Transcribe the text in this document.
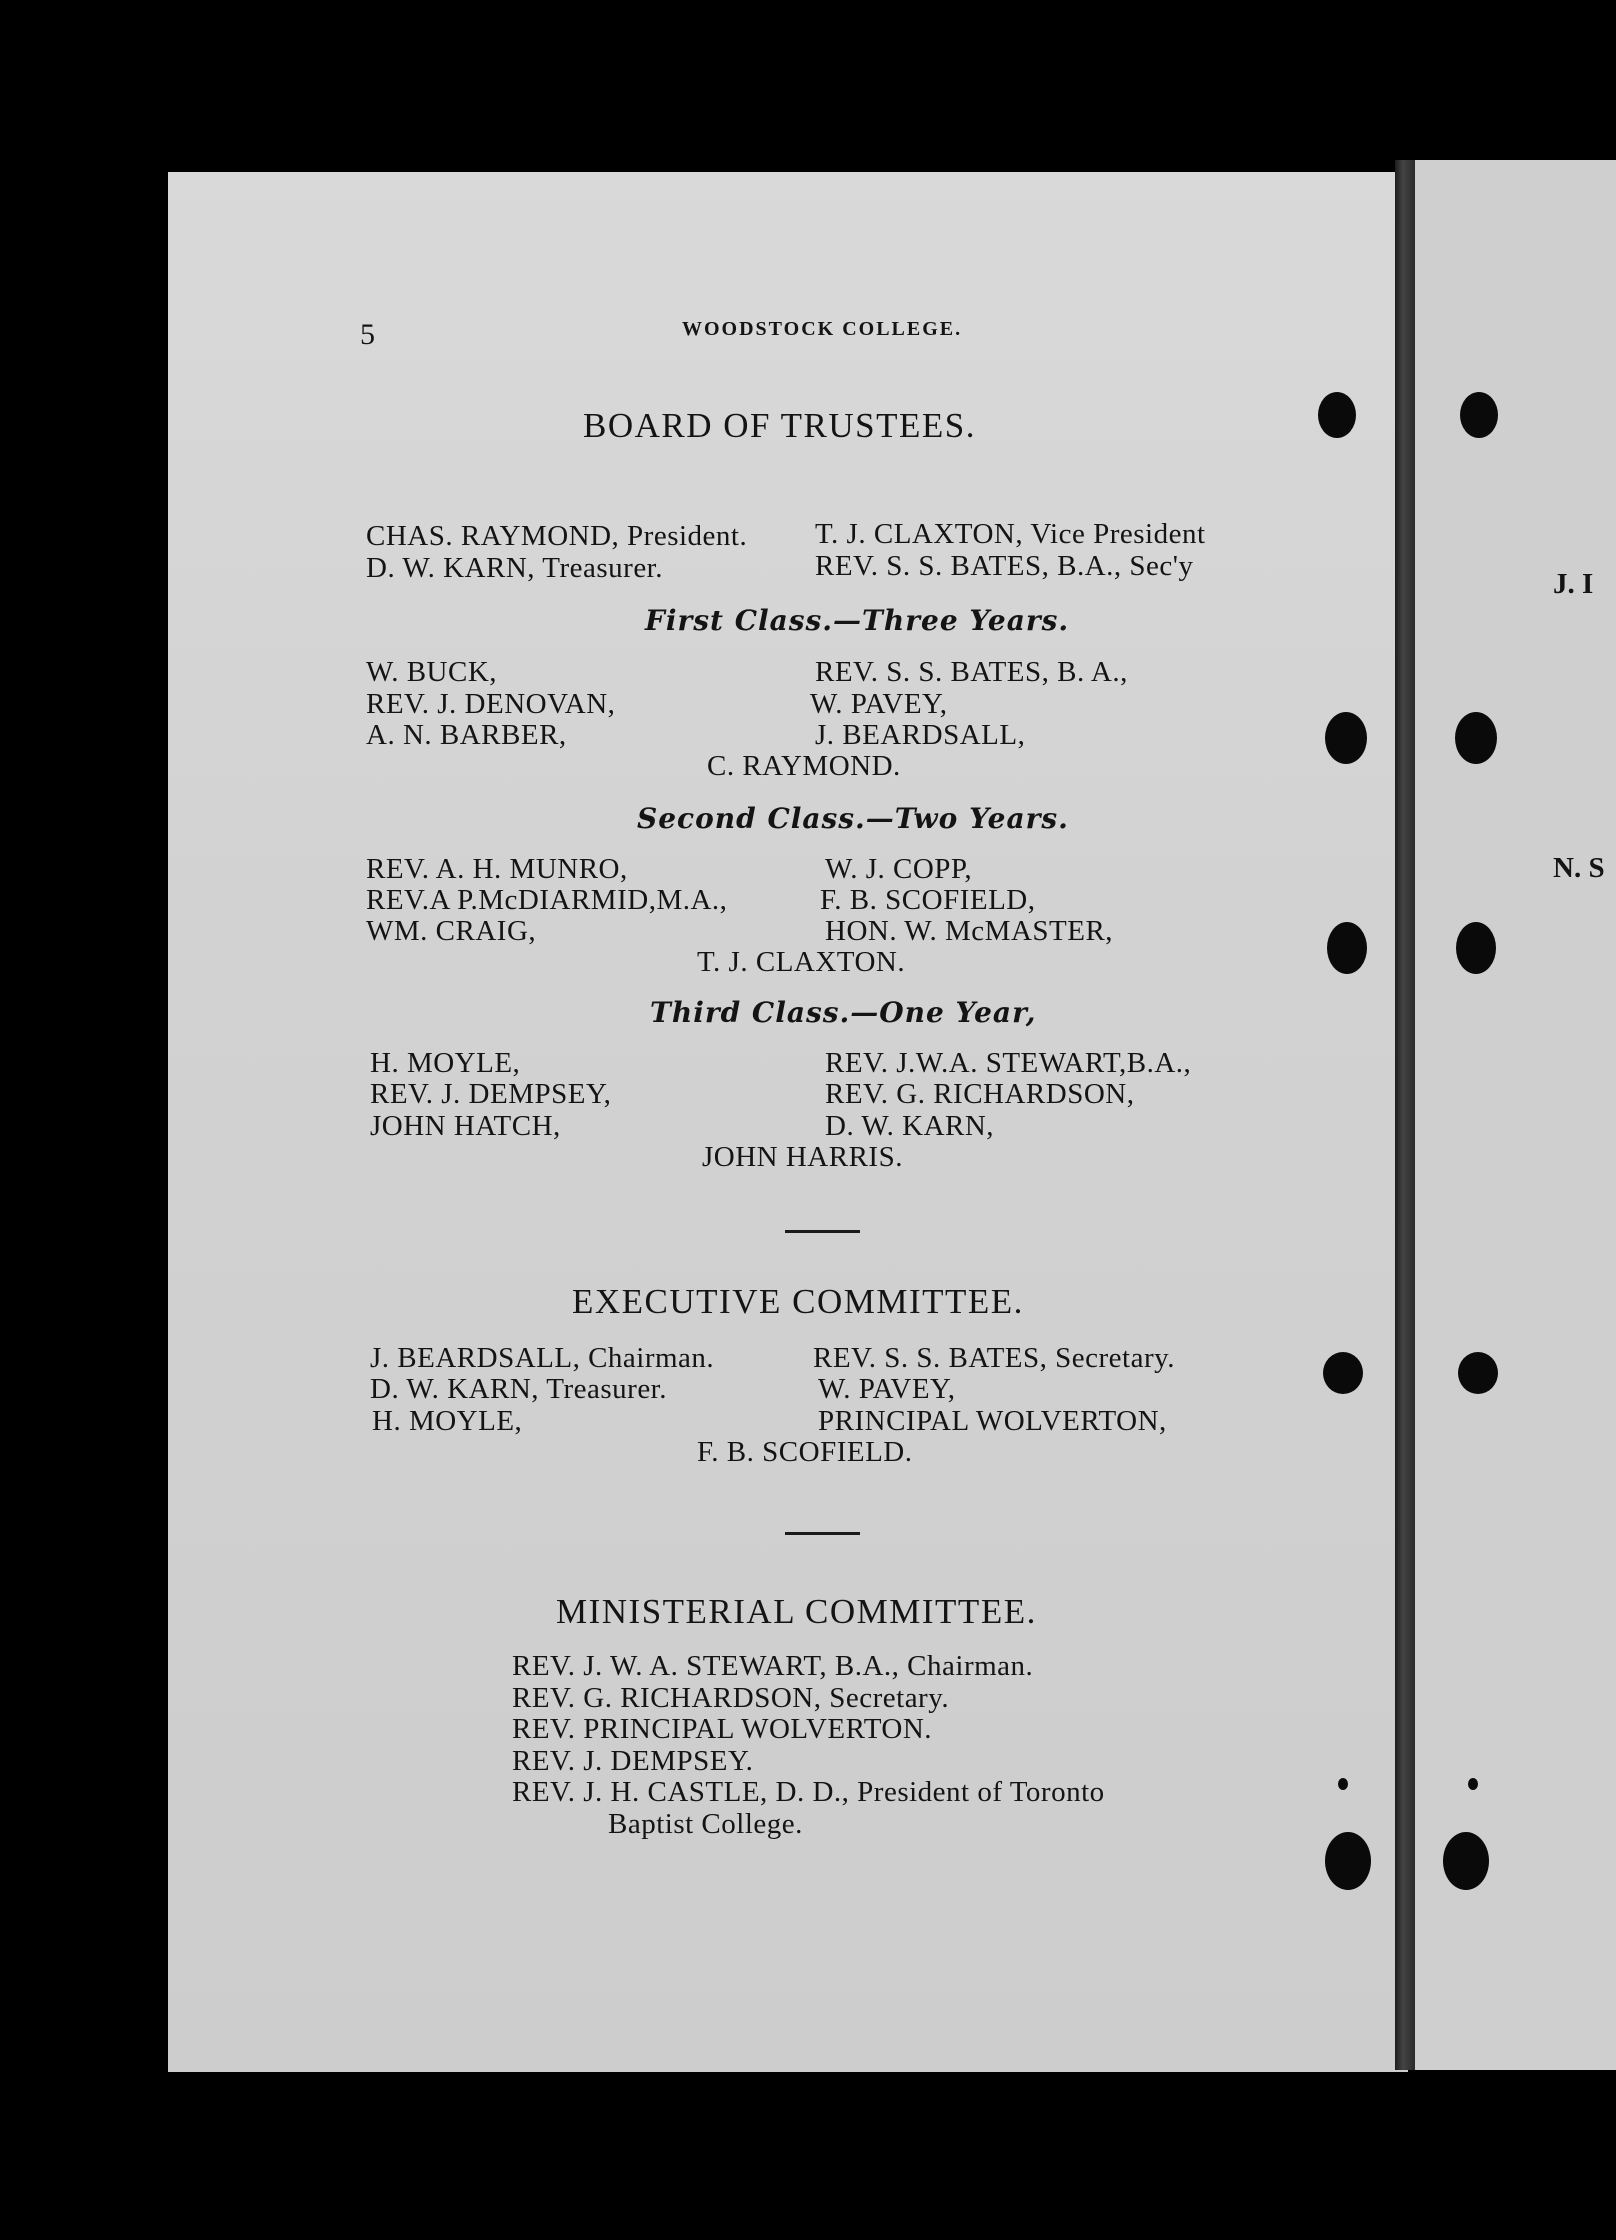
5	WOODSTOCK COLLEGE.
BOARD OF TRUSTEES.
CHAS. RAYMOND, President.
D. W. KARN, Treasurer.
T. J. CLAXTON, Vice President
REV. S. S. BATES, B.A., Sec'y
First Class.—Three Years.
W. BUCK,
REV. J. DENOVAN,
A. N. BARBER,
REV. S. S. BATES, B. A.,
W. PAVEY,
J. BEARDSALL,
C. RAYMOND.
Second Class.—Two Years.
REV. A. H. MUNRO,
REV.A P.McDIARMID,M.A.,
WM. CRAIG,
W. J. COPP,
F. B. SCOFIELD,
HON. W. McMASTER,
T. J. CLAXTON.
Third Class.—One Year,
H. MOYLE,
REV. J. DEMPSEY,
JOHN HATCH,
REV. J.W.A. STEWART,B.A.,
REV. G. RICHARDSON,
D. W. KARN,
JOHN HARRIS.
EXECUTIVE COMMITTEE.
J. BEARDSALL, Chairman.
D. W. KARN, Treasurer.
H. MOYLE,
REV. S. S. BATES, Secretary.
W. PAVEY,
PRINCIPAL WOLVERTON,
F. B. SCOFIELD.
MINISTERIAL COMMITTEE.
REV. J. W. A. STEWART, B.A., Chairman.
REV. G. RICHARDSON, Secretary.
REV. PRINCIPAL WOLVERTON.
REV. J. DEMPSEY.
REV. J. H. CASTLE, D. D., President of Toronto
Baptist College.
J. I
N. S
